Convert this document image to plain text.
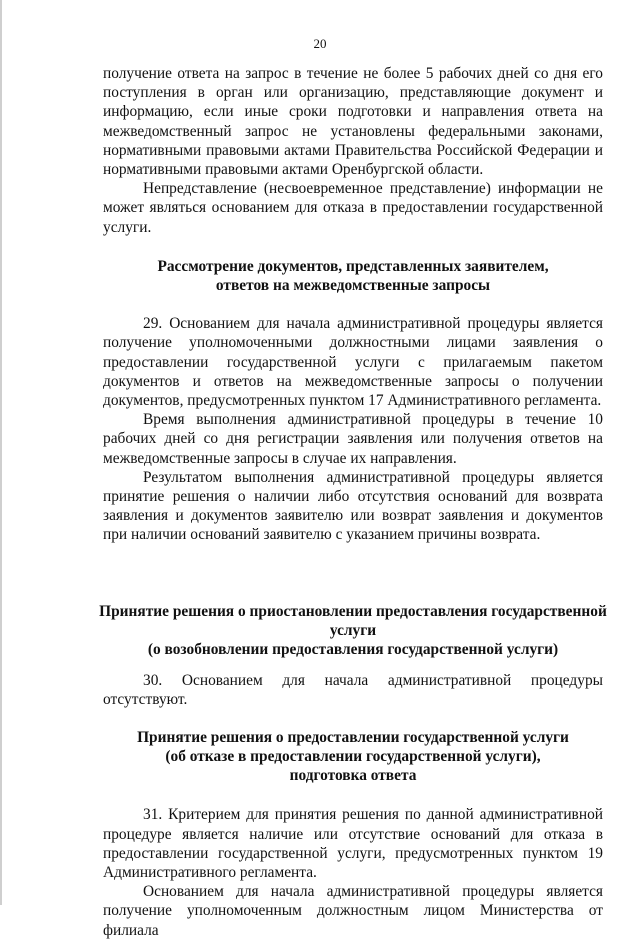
20

получение ответа на запрос в течение не более 5 рабочих дней со дня его поступления в орган или организацию, представляющие документ и информацию, если иные сроки подготовки и направления ответа на межведомственный запрос не установлены федеральными законами, нормативными правовыми актами Правительства Российской Федерации и нормативными правовыми актами Оренбургской области.

Непредставление (несвоевременное представление) информации не может являться основанием для отказа в предоставлении государственной услуги.

Рассмотрение документов, представленных заявителем,
ответов на межведомственные запросы

29. Основанием для начала административной процедуры является получение уполномоченными должностными лицами заявления о предоставлении государственной услуги с прилагаемым пакетом документов и ответов на межведомственные запросы о получении документов, предусмотренных пунктом 17 Административного регламента.

Время выполнения административной процедуры в течение 10 рабочих дней со дня регистрации заявления или получения ответов на межведомственные запросы в случае их направления.

Результатом выполнения административной процедуры является принятие решения о наличии либо отсутствия оснований для возврата заявления и документов заявителю или возврат заявления и документов при наличии оснований заявителю с указанием причины возврата.

Принятие решения о приостановлении предоставления государственной
услуги
(о возобновлении предоставления государственной услуги)

30. Основанием для начала административной процедуры отсутствуют.

Принятие решения о предоставлении государственной услуги
(об отказе в предоставлении государственной услуги),
подготовка ответа

31. Критерием для принятия решения по данной административной процедуре является наличие или отсутствие оснований для отказа в предоставлении государственной услуги, предусмотренных пунктом 19 Административного регламента.

Основанием для начала административной процедуры является получение уполномоченным должностным лицом Министерства от филиала
